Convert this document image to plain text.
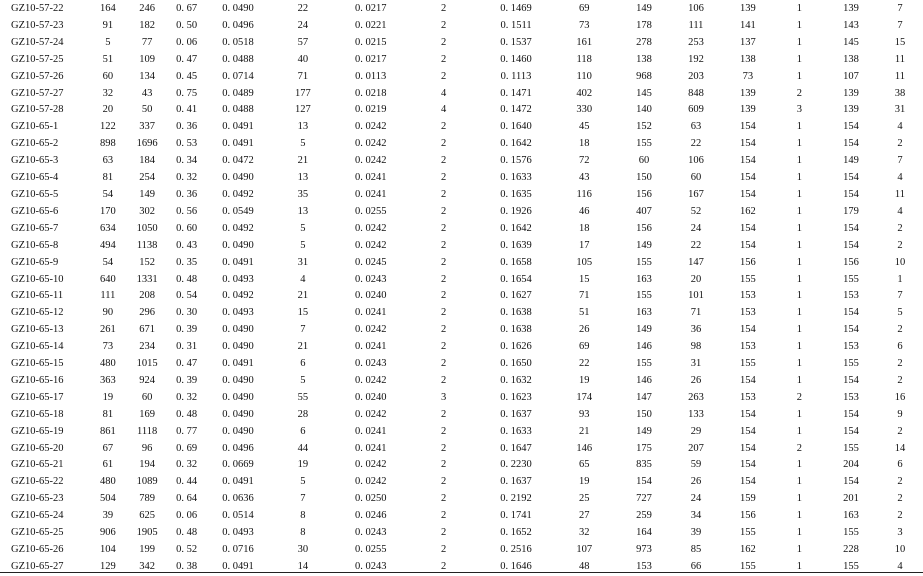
GZ10-57-22	164	246	0. 67	0. 0490	22	0. 0217	2	0. 1469	69	149	106	139	1	139	7
GZ10-57-23	91	182	0. 50	0. 0496	24	0. 0221	2	0. 1511	73	178	111	141	1	143	7
GZ10-57-24	5	77	0. 06	0. 0518	57	0. 0215	2	0. 1537	161	278	253	137	1	145	15
GZ10-57-25	51	109	0. 47	0. 0488	40	0. 0217	2	0. 1460	118	138	192	138	1	138	11
GZ10-57-26	60	134	0. 45	0. 0714	71	0. 0113	2	0. 1113	110	968	203	73	1	107	11
GZ10-57-27	32	43	0. 75	0. 0489	177	0. 0218	4	0. 1471	402	145	848	139	2	139	38
GZ10-57-28	20	50	0. 41	0. 0488	127	0. 0219	4	0. 1472	330	140	609	139	3	139	31
GZ10-65-1	122	337	0. 36	0. 0491	13	0. 0242	2	0. 1640	45	152	63	154	1	154	4
GZ10-65-2	898	1696	0. 53	0. 0491	5	0. 0242	2	0. 1642	18	155	22	154	1	154	2
GZ10-65-3	63	184	0. 34	0. 0472	21	0. 0242	2	0. 1576	72	60	106	154	1	149	7
GZ10-65-4	81	254	0. 32	0. 0490	13	0. 0241	2	0. 1633	43	150	60	154	1	154	4
GZ10-65-5	54	149	0. 36	0. 0492	35	0. 0241	2	0. 1635	116	156	167	154	1	154	11
GZ10-65-6	170	302	0. 56	0. 0549	13	0. 0255	2	0. 1926	46	407	52	162	1	179	4
GZ10-65-7	634	1050	0. 60	0. 0492	5	0. 0242	2	0. 1642	18	156	24	154	1	154	2
GZ10-65-8	494	1138	0. 43	0. 0490	5	0. 0242	2	0. 1639	17	149	22	154	1	154	2
GZ10-65-9	54	152	0. 35	0. 0491	31	0. 0245	2	0. 1658	105	155	147	156	1	156	10
GZ10-65-10	640	1331	0. 48	0. 0493	4	0. 0243	2	0. 1654	15	163	20	155	1	155	1
GZ10-65-11	111	208	0. 54	0. 0492	21	0. 0240	2	0. 1627	71	155	101	153	1	153	7
GZ10-65-12	90	296	0. 30	0. 0493	15	0. 0241	2	0. 1638	51	163	71	153	1	154	5
GZ10-65-13	261	671	0. 39	0. 0490	7	0. 0242	2	0. 1638	26	149	36	154	1	154	2
GZ10-65-14	73	234	0. 31	0. 0490	21	0. 0241	2	0. 1626	69	146	98	153	1	153	6
GZ10-65-15	480	1015	0. 47	0. 0491	6	0. 0243	2	0. 1650	22	155	31	155	1	155	2
GZ10-65-16	363	924	0. 39	0. 0490	5	0. 0242	2	0. 1632	19	146	26	154	1	154	2
GZ10-65-17	19	60	0. 32	0. 0490	55	0. 0240	3	0. 1623	174	147	263	153	2	153	16
GZ10-65-18	81	169	0. 48	0. 0490	28	0. 0242	2	0. 1637	93	150	133	154	1	154	9
GZ10-65-19	861	1118	0. 77	0. 0490	6	0. 0241	2	0. 1633	21	149	29	154	1	154	2
GZ10-65-20	67	96	0. 69	0. 0496	44	0. 0241	2	0. 1647	146	175	207	154	2	155	14
GZ10-65-21	61	194	0. 32	0. 0669	19	0. 0242	2	0. 2230	65	835	59	154	1	204	6
GZ10-65-22	480	1089	0. 44	0. 0491	5	0. 0242	2	0. 1637	19	154	26	154	1	154	2
GZ10-65-23	504	789	0. 64	0. 0636	7	0. 0250	2	0. 2192	25	727	24	159	1	201	2
GZ10-65-24	39	625	0. 06	0. 0514	8	0. 0246	2	0. 1741	27	259	34	156	1	163	2
GZ10-65-25	906	1905	0. 48	0. 0493	8	0. 0243	2	0. 1652	32	164	39	155	1	155	3
GZ10-65-26	104	199	0. 52	0. 0716	30	0. 0255	2	0. 2516	107	973	85	162	1	228	10
GZ10-65-27	129	342	0. 38	0. 0491	14	0. 0243	2	0. 1646	48	153	66	155	1	155	4
